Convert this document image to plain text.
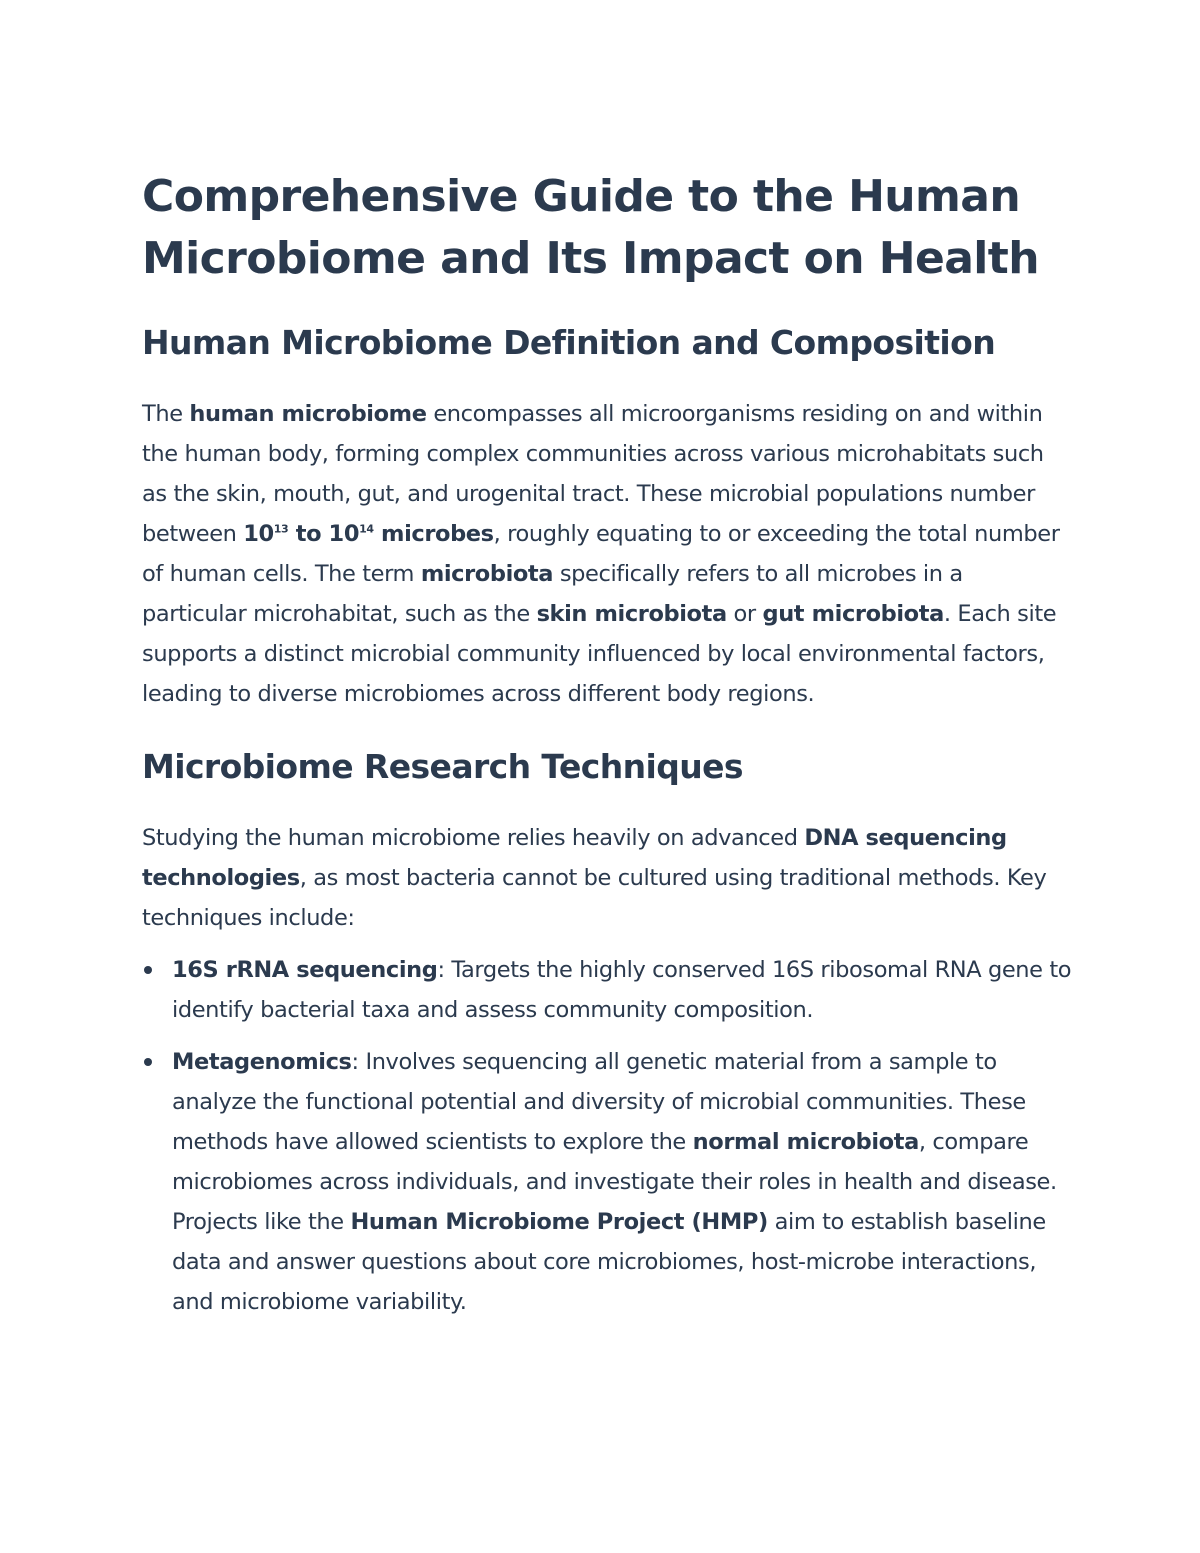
Comprehensive Guide to the Human Microbiome and Its Impact on Health
Human Microbiome Definition and Composition

The human microbiome encompasses all microorganisms residing on and within the human body, forming complex communities across various microhabitats such as the skin, mouth, gut, and urogenital tract. These microbial populations number between $10^{13}$ to $10^{14}$ microbes, roughly equating to or exceeding the total number of human cells. The term microbiota specifically refers to all microbes in a particular microhabitat, such as the skin microbiota or gut microbiota. Each site supports a distinct microbial community influenced by local environmental factors, leading to diverse microbiomes across different body regions.

Microbiome Research Techniques

Studying the human microbiome relies heavily on advanced DNA sequencing technologies, as most bacteria cannot be cultured using traditional methods. Key techniques include:

16S rRNA sequencing: Targets the highly conserved 16S ribosomal RNA gene to identify bacterial taxa and assess community composition.
Metagenomics: Involves sequencing all genetic material from a sample to analyze the functional potential and diversity of microbial communities. These methods have allowed scientists to explore the normal microbiota, compare microbiomes across individuals, and investigate their roles in health and disease. Projects like the Human Microbiome Project (HMP) aim to establish baseline data and answer questions about core microbiomes, host-microbe interactions, and microbiome variability.
